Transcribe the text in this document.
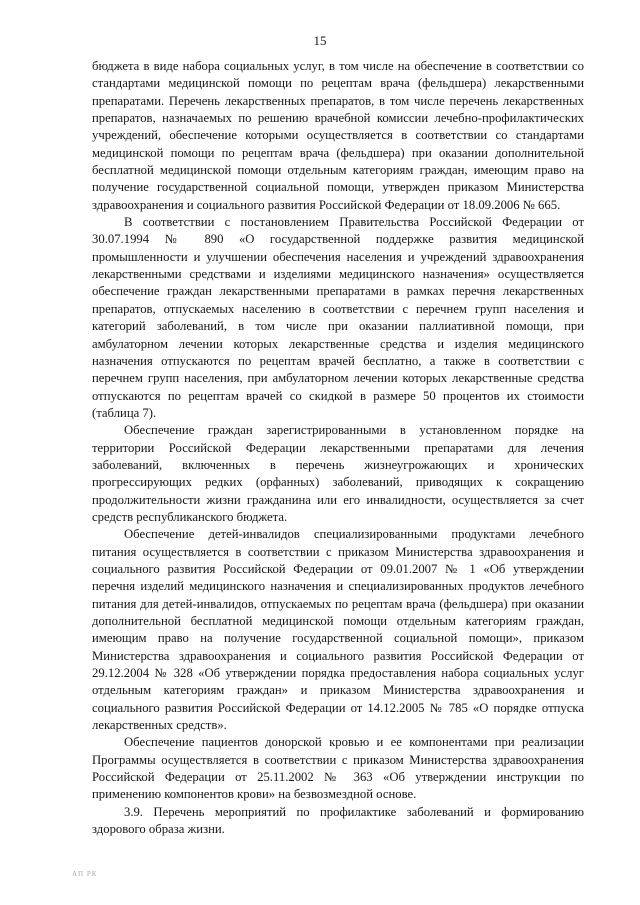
15

бюджета в виде набора социальных услуг, в том числе на обеспечение в соответствии со стандартами медицинской помощи по рецептам врача (фельдшера) лекарственными препаратами. Перечень лекарственных препаратов, в том числе перечень лекарственных препаратов, назначаемых по решению врачебной комиссии лечебно-профилактических учреждений, обеспечение которыми осуществляется в соответствии со стандартами медицинской помощи по рецептам врача (фельдшера) при оказании дополнительной бесплатной медицинской помощи отдельным категориям граждан, имеющим право на получение государственной социальной помощи, утвержден приказом Министерства здравоохранения и социального развития Российской Федерации от 18.09.2006 № 665.

В соответствии с постановлением Правительства Российской Федерации от 30.07.1994 № 890 «О государственной поддержке развития медицинской промышленности и улучшении обеспечения населения и учреждений здравоохранения лекарственными средствами и изделиями медицинского назначения» осуществляется обеспечение граждан лекарственными препаратами в рамках перечня лекарственных препаратов, отпускаемых населению в соответствии с перечнем групп населения и категорий заболеваний, в том числе при оказании паллиативной помощи, при амбулаторном лечении которых лекарственные средства и изделия медицинского назначения отпускаются по рецептам врачей бесплатно, а также в соответствии с перечнем групп населения, при амбулаторном лечении которых лекарственные средства отпускаются по рецептам врачей со скидкой в размере 50 процентов их стоимости (таблица 7).

Обеспечение граждан зарегистрированными в установленном порядке на территории Российской Федерации лекарственными препаратами для лечения заболеваний, включенных в перечень жизнеугрожающих и хронических прогрессирующих редких (орфанных) заболеваний, приводящих к сокращению продолжительности жизни гражданина или его инвалидности, осуществляется за счет средств республиканского бюджета.

Обеспечение детей-инвалидов специализированными продуктами лечебного питания осуществляется в соответствии с приказом Министерства здравоохранения и социального развития Российской Федерации от 09.01.2007 № 1 «Об утверждении перечня изделий медицинского назначения и специализированных продуктов лечебного питания для детей-инвалидов, отпускаемых по рецептам врача (фельдшера) при оказании дополнительной бесплатной медицинской помощи отдельным категориям граждан, имеющим право на получение государственной социальной помощи», приказом Министерства здравоохранения и социального развития Российской Федерации от 29.12.2004 № 328 «Об утверждении порядка предоставления набора социальных услуг отдельным категориям граждан» и приказом Министерства здравоохранения и социального развития Российской Федерации от 14.12.2005 № 785 «О порядке отпуска лекарственных средств».

Обеспечение пациентов донорской кровью и ее компонентами при реализации Программы осуществляется в соответствии с приказом Министерства здравоохранения Российской Федерации от 25.11.2002 № 363 «Об утверждении инструкции по применению компонентов крови» на безвозмездной основе.

3.9. Перечень мероприятий по профилактике заболеваний и формированию здорового образа жизни.

АП РК
